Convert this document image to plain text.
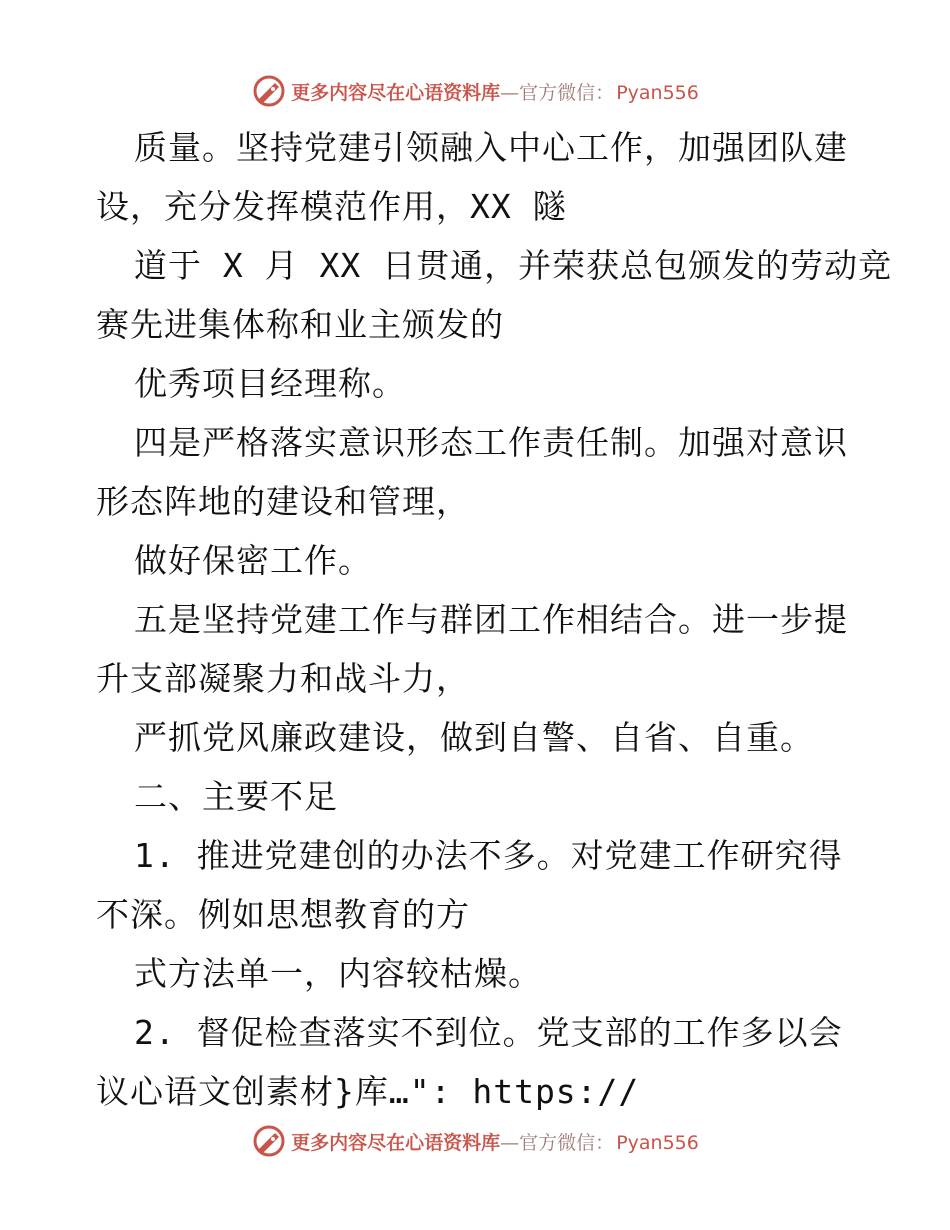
更多内容尽在心语资料库—官方微信： Pyan556
质量。坚持党建引领融入中心工作，加强团队建
设，充分发挥模范作用，XX 隧
道于 X 月 XX 日贯通，并荣获总包颁发的劳动竞
赛先进集体称和业主颁发的
优秀项目经理称。
四是严格落实意识形态工作责任制。加强对意识
形态阵地的建设和管理，
做好保密工作。
五是坚持党建工作与群团工作相结合。进一步提
升支部凝聚力和战斗力，
严抓党风廉政建设，做到自警、自省、自重。
二、主要不足
1. 推进党建创的办法不多。对党建工作研究得
不深。例如思想教育的方
式方法单一，内容较枯燥。
2. 督促检查落实不到位。党支部的工作多以会
议心语文创素材}库…": https://
更多内容尽在心语资料库—官方微信： Pyan556
